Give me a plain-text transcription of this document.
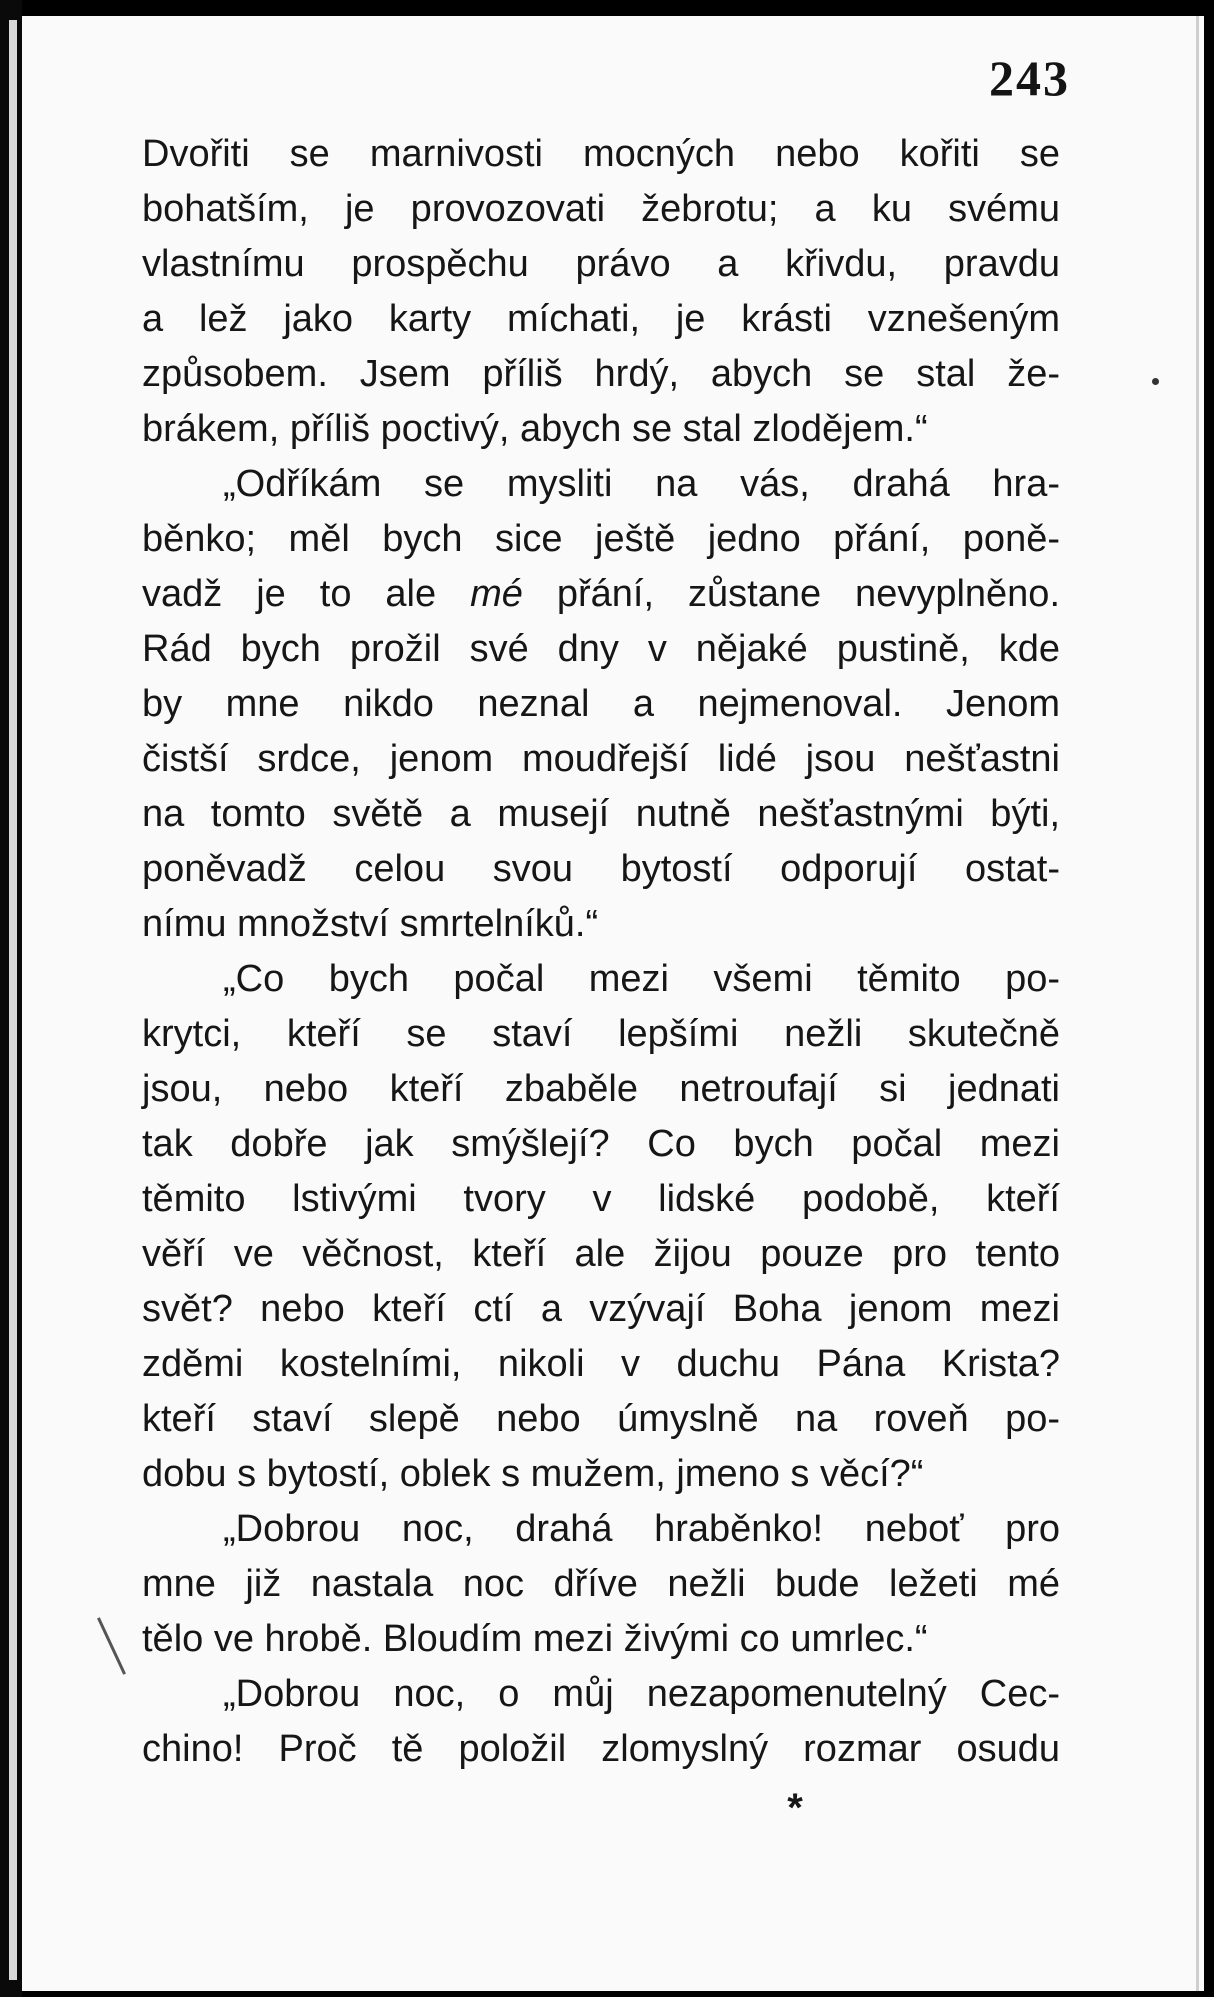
243
Dvořiti se marnivosti mocných nebo kořiti se
bohatším, je provozovati žebrotu; a ku svému
vlastnímu prospěchu právo a křivdu, pravdu
a lež jako karty míchati, je krásti vznešeným
způsobem. Jsem příliš hrdý, abych se stal že-
brákem, příliš poctivý, abych se stal zlodějem.“
„Odříkám se mysliti na vás, drahá hra-
běnko; měl bych sice ještě jedno přání, poně-
vadž je to ale mé přání, zůstane nevyplněno.
Rád bych prožil své dny v nějaké pustině, kde
by mne nikdo neznal a nejmenoval. Jenom
čistší srdce, jenom moudřejší lidé jsou nešťastni
na tomto světě a musejí nutně nešťastnými býti,
poněvadž celou svou bytostí odporují ostat-
nímu množství smrtelníků.“
„Co bych počal mezi všemi těmito po-
krytci, kteří se staví lepšími nežli skutečně
jsou, nebo kteří zbaběle netroufají si jednati
tak dobře jak smýšlejí? Co bych počal mezi
těmito lstivými tvory v lidské podobě, kteří
věří ve věčnost, kteří ale žijou pouze pro tento
svět? nebo kteří ctí a vzývají Boha jenom mezi
zděmi kostelními, nikoli v duchu Pána Krista?
kteří staví slepě nebo úmyslně na roveň po-
dobu s bytostí, oblek s mužem, jmeno s věcí?“
„Dobrou noc, drahá hraběnko! neboť pro
mne již nastala noc dříve nežli bude ležeti mé
tělo ve hrobě. Bloudím mezi živými co umrlec.“
„Dobrou noc, o můj nezapomenutelný Cec-
chino! Proč tě položil zlomyslný rozmar osudu
*
